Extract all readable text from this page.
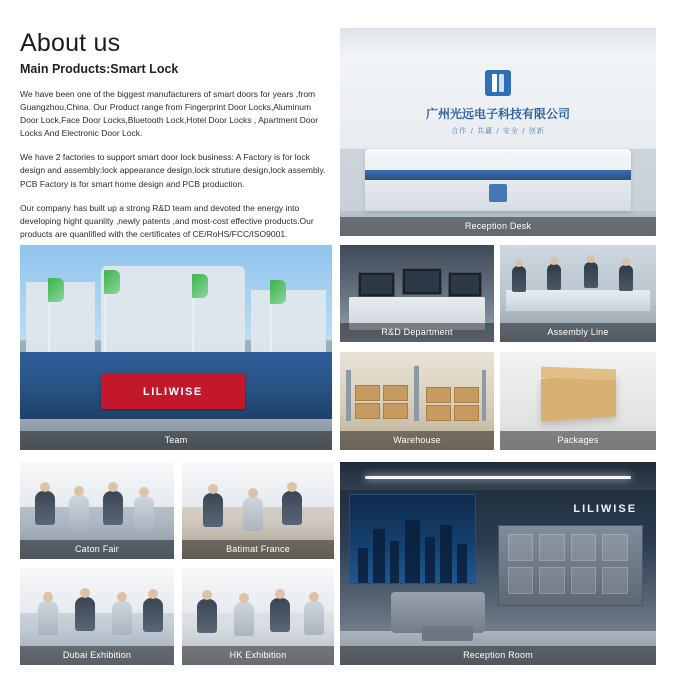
About us
Main Products:Smart Lock

We have been one of the biggest manufacturers of smart doors for years ,from Guangzhou,China. Our Product range from Fingerprint Door Locks,Aluminum Door Lock,Face Door Locks,Bluetooth Lock,Hotel Door Locks , Apartment Door Locks And Electronic Door Lock.

We have 2 factories to support smart door lock business: A Factory is for lock design and assembly:lock appearance design,lock struture design,lock assembly. PCB Factory is for smart home design and PCB production.

Our company has built up a strong R&D team and devoted the energy into developing hight quanlity ,newly patents ,and most-cost effective products.Our products are quanlified with the certificates of CE/RoHS/FCC/ISO9001.

广州光远电子科技有限公司
合作 / 共赢 / 安全 / 创新
Reception Desk
LILIWISE
Team
R&D Department	Assembly Line
Warehouse	Packages
Caton Fair	Batimat France
Dubai Exhibition	HK Exhibition
LILIWISE
Reception Room
